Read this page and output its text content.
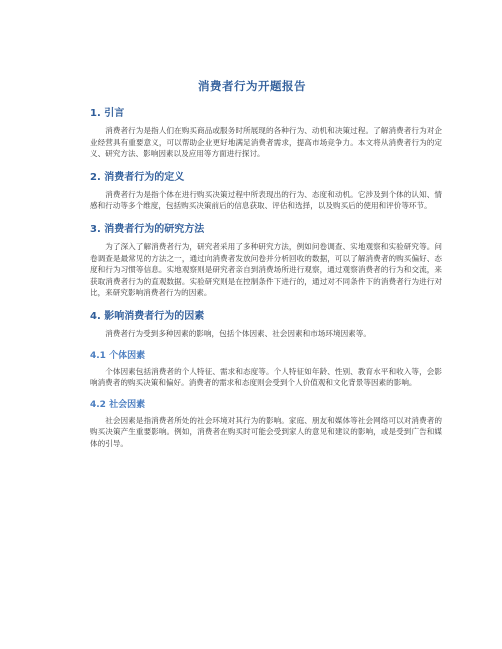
消费者行为开题报告
1. 引言

消费者行为是指人们在购买商品或服务时所展现的各种行为、动机和决策过程。了解消费者行为对企业经营具有重要意义，可以帮助企业更好地满足消费者需求，提高市场竞争力。本文将从消费者行为的定义、研究方法、影响因素以及应用等方面进行探讨。

2. 消费者行为的定义

消费者行为是指个体在进行购买决策过程中所表现出的行为、态度和动机。它涉及到个体的认知、情感和行动等多个维度，包括购买决策前后的信息获取、评估和选择，以及购买后的使用和评价等环节。

3. 消费者行为的研究方法

为了深入了解消费者行为，研究者采用了多种研究方法，例如问卷调查、实地观察和实验研究等。问卷调查是最常见的方法之一，通过向消费者发放问卷并分析回收的数据，可以了解消费者的购买偏好、态度和行为习惯等信息。实地观察则是研究者亲自到消费场所进行观察，通过观察消费者的行为和交流，来获取消费者行为的直观数据。实验研究则是在控制条件下进行的，通过对不同条件下的消费者行为进行对比，来研究影响消费者行为的因素。

4. 影响消费者行为的因素

消费者行为受到多种因素的影响，包括个体因素、社会因素和市场环境因素等。

4.1 个体因素

个体因素包括消费者的个人特征、需求和态度等。个人特征如年龄、性别、教育水平和收入等，会影响消费者的购买决策和偏好。消费者的需求和态度则会受到个人价值观和文化背景等因素的影响。

4.2 社会因素

社会因素是指消费者所处的社会环境对其行为的影响。家庭、朋友和媒体等社会网络可以对消费者的购买决策产生重要影响。例如，消费者在购买时可能会受到家人的意见和建议的影响，或是受到广告和媒体的引导。
